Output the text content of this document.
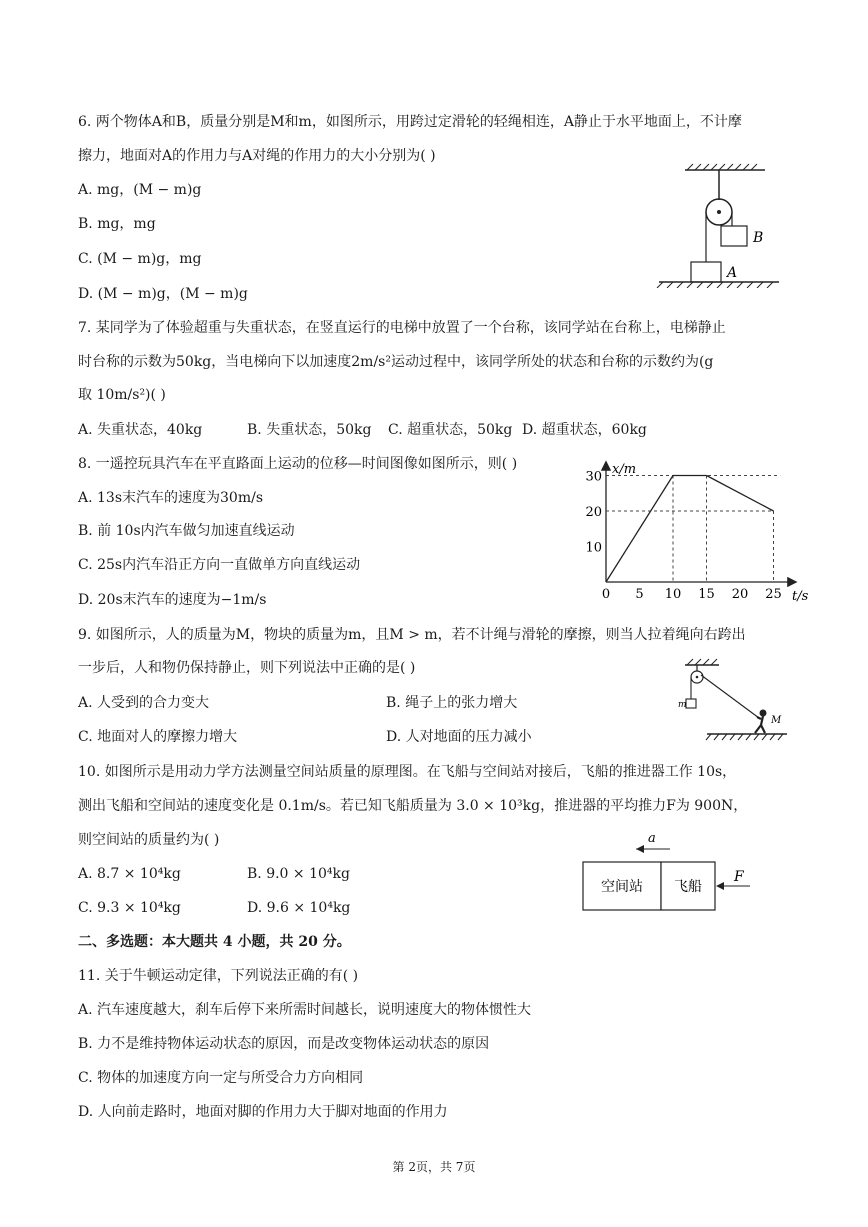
6. 两个物体A和B，质量分别是M和m，如图所示，用跨过定滑轮的轻绳相连，A静止于水平地面上，不计摩
擦力，地面对A的作用力与A对绳的作用力的大小分别为( )
A. mg，(M − m)g
B. mg，mg
C. (M − m)g，mg
D. (M − m)g，(M − m)g
B
A
7. 某同学为了体验超重与失重状态，在竖直运行的电梯中放置了一个台称，该同学站在台称上，电梯静止
时台称的示数为50kg，当电梯向下以加速度2m/s²运动过程中，该同学所处的状态和台称的示数约为(g
取 10m/s²)( )
A. 失重状态，40kg	B. 失重状态，50kg C. 超重状态，50kg D. 超重状态，60kg
8. 一遥控玩具汽车在平直路面上运动的位移—时间图像如图所示，则( )
A. 13s末汽车的速度为30m/s
B. 前 10s内汽车做匀加速直线运动
C. 25s内汽车沿正方向一直做单方向直线运动
D. 20s末汽车的速度为−1m/s
x/m
t/s
0 5 10 15 20 25
10
20
30
9. 如图所示，人的质量为M，物块的质量为m，且M > m，若不计绳与滑轮的摩擦，则当人拉着绳向右跨出
一步后，人和物仍保持静止，则下列说法中正确的是( )
A. 人受到的合力变大	B. 绳子上的张力增大
C. 地面对人的摩擦力增大	D. 人对地面的压力减小
m
M
10. 如图所示是用动力学方法测量空间站质量的原理图。在飞船与空间站对接后，飞船的推进器工作 10s，
测出飞船和空间站的速度变化是 0.1m/s。若已知飞船质量为 3.0 × 10³kg，推进器的平均推力F为 900N，
则空间站的质量约为( )
A. 8.7 × 10⁴kg	B. 9.0 × 10⁴kg
C. 9.3 × 10⁴kg	D. 9.6 × 10⁴kg
a
空间站 飞船
F
二、多选题：本大题共 4 小题，共 20 分。
11. 关于牛顿运动定律，下列说法正确的有( )
A. 汽车速度越大，刹车后停下来所需时间越长，说明速度大的物体惯性大
B. 力不是维持物体运动状态的原因，而是改变物体运动状态的原因
C. 物体的加速度方向一定与所受合力方向相同
D. 人向前走路时，地面对脚的作用力大于脚对地面的作用力
第 2页，共 7页
